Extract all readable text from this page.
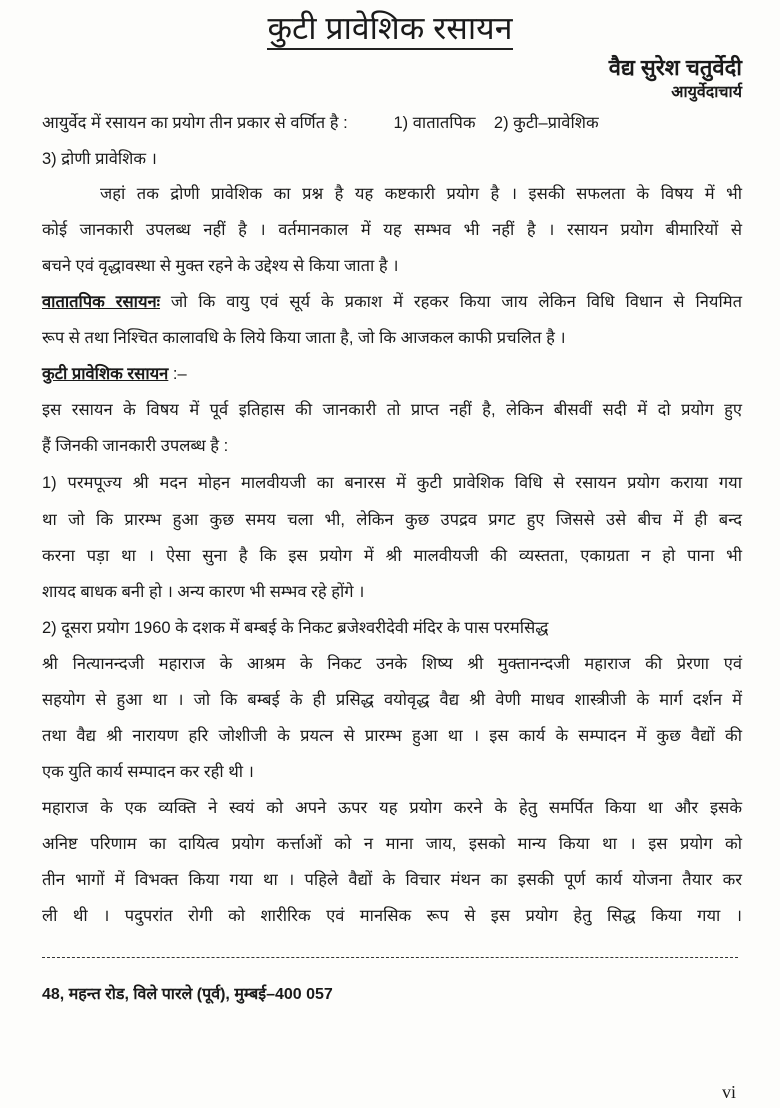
कुटी प्रावेशिक रसायन
वैद्य सुरेश चतुर्वेदी
आयुर्वेदाचार्य
आयुर्वेद में रसायन का प्रयोग तीन प्रकार से वर्णित है :          1) वातातपिक    2) कुटी–प्रावेशिक
3) द्रोणी प्रावेशिक ।
जहां तक द्रोणी प्रावेशिक का प्रश्न है यह कष्टकारी प्रयोग है । इसकी सफलता के विषय में भी
कोई जानकारी उपलब्ध नहीं है । वर्तमानकाल में यह सम्भव भी नहीं है । रसायन प्रयोग बीमारियों से
बचने एवं वृद्धावस्था से मुक्त रहने के उद्देश्य से किया जाता है ।
वातातपिक रसायनः जो कि वायु एवं सूर्य के प्रकाश में रहकर किया जाय लेकिन विधि विधान से नियमित
रूप से तथा निश्चित कालावधि के लिये किया जाता है, जो कि आजकल काफी प्रचलित है ।
कुटी प्रावेशिक रसायन :–
इस रसायन के विषय में पूर्व इतिहास की जानकारी तो प्राप्त नहीं है, लेकिन बीसवीं सदी में दो प्रयोग हुए
हैं जिनकी जानकारी उपलब्ध है :
1) परमपूज्य श्री मदन मोहन मालवीयजी का बनारस में कुटी प्रावेशिक विधि से रसायन प्रयोग कराया गया
था जो कि प्रारम्भ हुआ कुछ समय चला भी, लेकिन कुछ उपद्रव प्रगट हुए जिससे उसे बीच में ही बन्द
करना पड़ा था । ऐसा सुना है कि इस प्रयोग में श्री मालवीयजी की व्यस्तता, एकाग्रता न हो पाना भी
शायद बाधक बनी हो । अन्य कारण भी सम्भव रहे होंगे ।
2) दूसरा प्रयोग 1960 के दशक में बम्बई के निकट ब्रजेश्वरीदेवी मंदिर के पास परमसिद्ध
श्री नित्यानन्दजी महाराज के आश्रम के निकट उनके शिष्य श्री मुक्तानन्दजी महाराज की प्रेरणा एवं
सहयोग से हुआ था । जो कि बम्बई के ही प्रसिद्ध वयोवृद्ध वैद्य श्री वेणी माधव शास्त्रीजी के मार्ग दर्शन में
तथा वैद्य श्री नारायण हरि जोशीजी के प्रयत्न से प्रारम्भ हुआ था । इस कार्य के सम्पादन में कुछ वैद्यों की
एक युति कार्य सम्पादन कर रही थी ।
महाराज के एक व्यक्ति ने स्वयं को अपने ऊपर यह प्रयोग करने के हेतु समर्पित किया था और इसके
अनिष्ट परिणाम का दायित्व प्रयोग कर्त्ताओं को न माना जाय, इसको मान्य किया था । इस प्रयोग को
तीन भागों में विभक्त किया गया था । पहिले वैद्यों के विचार मंथन का इसकी पूर्ण कार्य योजना तैयार कर
ली थी । पदुपरांत रोगी को शारीरिक एवं मानसिक रूप से इस प्रयोग हेतु सिद्ध किया गया ।
48, महन्त रोड, विले पारले (पूर्व), मुम्बई–400 057
vi
